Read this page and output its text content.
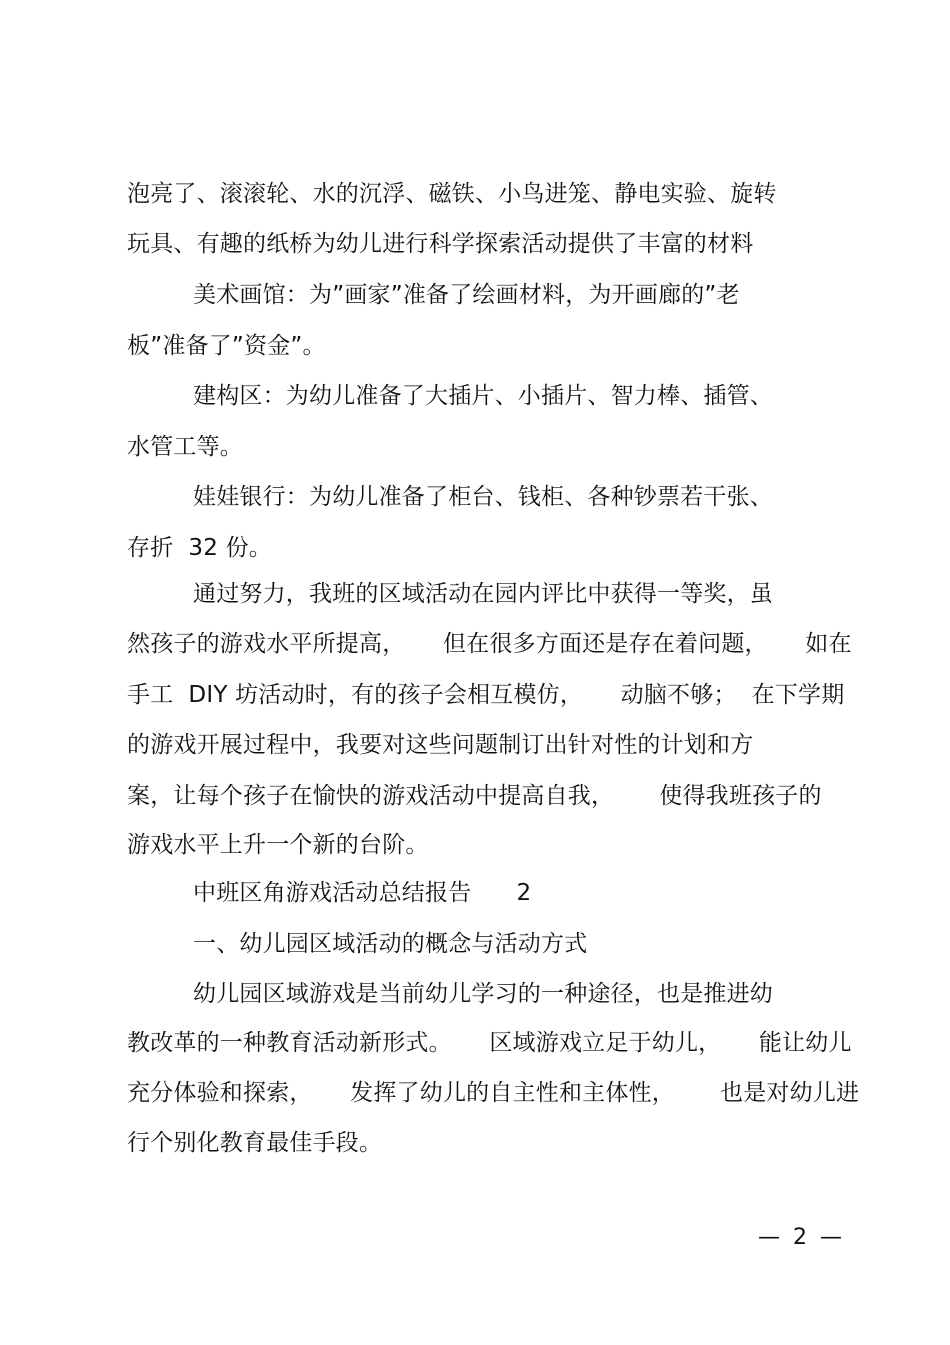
泡亮了、滚滚轮、水的沉浮、磁铁、小鸟进笼、静电实验、旋转
玩具、有趣的纸桥为幼儿进行科学探索活动提供了丰富的材料
美术画馆：为”画家”准备了绘画材料，为开画廊的”老
板”准备了”资金”。
建构区：为幼儿准备了大插片、小插片、智力棒、插管、
水管工等。
娃娃银行：为幼儿准备了柜台、钱柜、各种钞票若干张、
存折  32 份。
通过努力，我班的区域活动在园内评比中获得一等奖，虽
然孩子的游戏水平所提高，     但在很多方面还是存在着问题，     如在
手工  DIY 坊活动时，有的孩子会相互模仿，     动脑不够；  在下学期
的游戏开展过程中，我要对这些问题制订出针对性的计划和方
案，让每个孩子在愉快的游戏活动中提高自我，      使得我班孩子的
游戏水平上升一个新的台阶。
中班区角游戏活动总结报告      2
一、幼儿园区域活动的概念与活动方式
幼儿园区域游戏是当前幼儿学习的一种途径，也是推进幼
教改革的一种教育活动新形式。     区域游戏立足于幼儿，     能让幼儿
充分体验和探索，     发挥了幼儿的自主性和主体性，      也是对幼儿进
行个别化教育最佳手段。
— 2 —
